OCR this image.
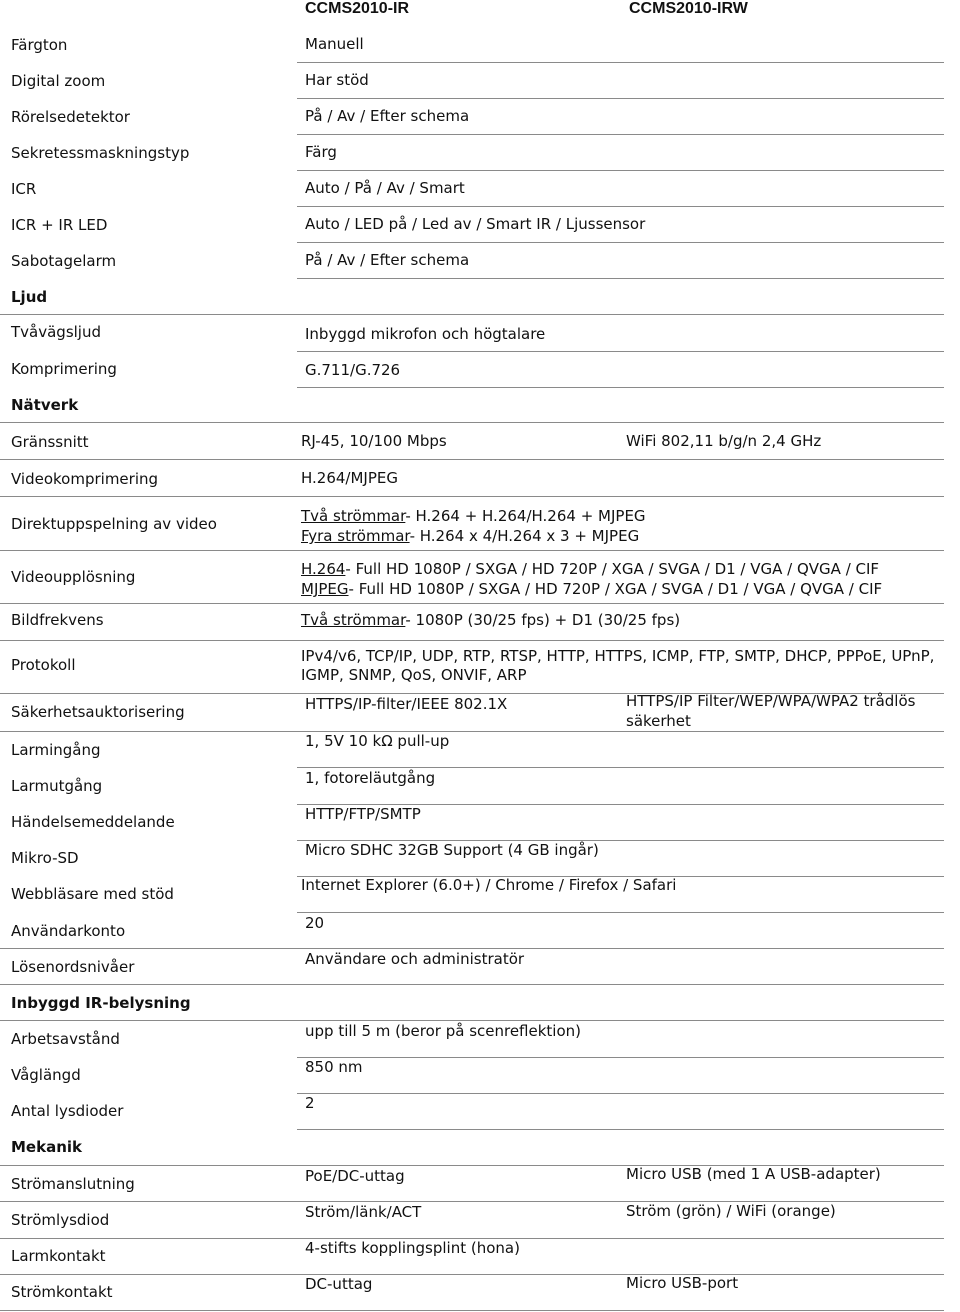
CCMS2010-IR	CCMS2010-IRW
Färgton	Manuell
Digital zoom	Har stöd
Rörelsedetektor	På / Av / Efter schema
Sekretessmaskningstyp	Färg
ICR	Auto / På / Av / Smart
ICR + IR LED	Auto / LED på / Led av / Smart IR / Ljussensor
Sabotagelarm	På / Av / Efter schema
Ljud
Tvåvägsljud	Inbyggd mikrofon och högtalare
Komprimering	G.711/G.726
Nätverk
Gränssnitt	RJ-45, 10/100 Mbps	WiFi 802,11 b/g/n 2,4 GHz
Videokomprimering	H.264/MJPEG
Direktuppspelning av video	Två strömmar- H.264 + H.264/H.264 + MJPEG
Fyra strömmar- H.264 x 4/H.264 x 3 + MJPEG
Videoupplösning	H.264- Full HD 1080P / SXGA / HD 720P / XGA / SVGA / D1 / VGA / QVGA / CIF
MJPEG- Full HD 1080P / SXGA / HD 720P / XGA / SVGA / D1 / VGA / QVGA / CIF
Bildfrekvens	Två strömmar- 1080P (30/25 fps) + D1 (30/25 fps)
Protokoll	IPv4/v6, TCP/IP, UDP, RTP, RTSP, HTTP, HTTPS, ICMP, FTP, SMTP, DHCP, PPPoE, UPnP,
IGMP, SNMP, QoS, ONVIF, ARP
Säkerhetsauktorisering	HTTPS/IP-filter/IEEE 802.1X	HTTPS/IP Filter/WEP/WPA/WPA2 trådlös
säkerhet
Larmingång	1, 5V 10 kΩ pull-up
Larmutgång	1, fotoreläutgång
Händelsemeddelande	HTTP/FTP/SMTP
Mikro-SD	Micro SDHC 32GB Support (4 GB ingår)
Webbläsare med stöd	Internet Explorer (6.0+) / Chrome / Firefox / Safari
Användarkonto	20
Lösenordsnivåer	Användare och administratör
Inbyggd IR-belysning
Arbetsavstånd	upp till 5 m (beror på scenreflektion)
Våglängd	850 nm
Antal lysdioder	2
Mekanik
Strömanslutning	PoE/DC-uttag	Micro USB (med 1 A USB-adapter)
Strömlysdiod	Ström/länk/ACT	Ström (grön) / WiFi (orange)
Larmkontakt	4-stifts kopplingsplint (hona)
Strömkontakt	DC-uttag	Micro USB-port
